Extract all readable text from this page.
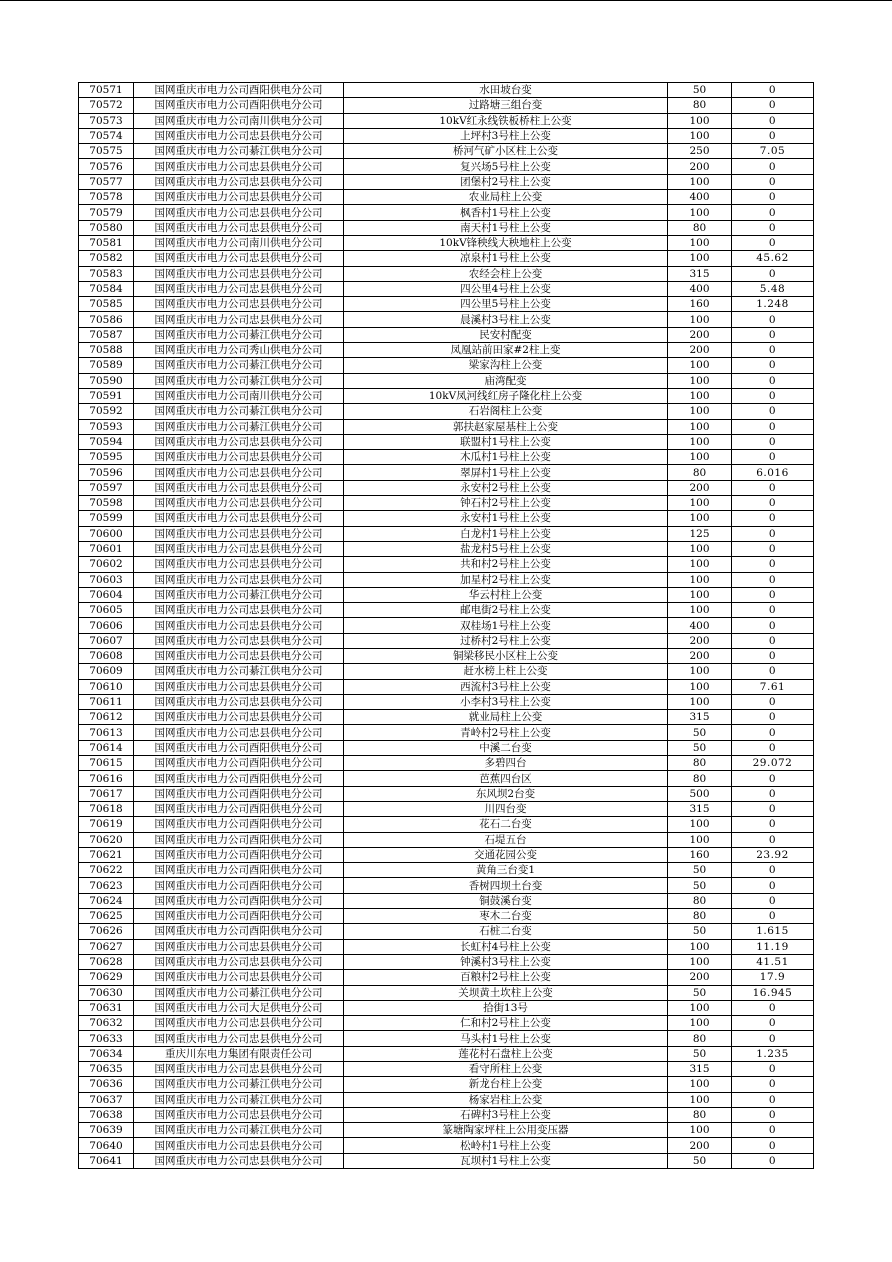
70571	国网重庆市电力公司酉阳供电分公司	水田坡台变	50	0
70572	国网重庆市电力公司酉阳供电分公司	过路塘三组台变	80	0
70573	国网重庆市电力公司南川供电分公司	10kV红永线铁板桥柱上公变	100	0
70574	国网重庆市电力公司忠县供电分公司	上坪村3号柱上公变	100	0
70575	国网重庆市电力公司綦江供电分公司	桥河气矿小区柱上公变	250	7.05
70576	国网重庆市电力公司忠县供电分公司	复兴场5号柱上公变	200	0
70577	国网重庆市电力公司忠县供电分公司	团堡村2号柱上公变	100	0
70578	国网重庆市电力公司忠县供电分公司	农业局柱上公变	400	0
70579	国网重庆市电力公司忠县供电分公司	枫香村1号柱上公变	100	0
70580	国网重庆市电力公司忠县供电分公司	南天村1号柱上公变	80	0
70581	国网重庆市电力公司南川供电分公司	10kV锋秧线大秧地柱上公变	100	0
70582	国网重庆市电力公司忠县供电分公司	凉泉村1号柱上公变	100	45.62
70583	国网重庆市电力公司忠县供电分公司	农经会柱上公变	315	0
70584	国网重庆市电力公司忠县供电分公司	四公里4号柱上公变	400	5.48
70585	国网重庆市电力公司忠县供电分公司	四公里5号柱上公变	160	1.248
70586	国网重庆市电力公司忠县供电分公司	晨溪村3号柱上公变	100	0
70587	国网重庆市电力公司綦江供电分公司	民安村配变	200	0
70588	国网重庆市电力公司秀山供电分公司	凤凰站前田家#2柱上变	200	0
70589	国网重庆市电力公司綦江供电分公司	梁家沟柱上公变	100	0
70590	国网重庆市电力公司綦江供电分公司	庙湾配变	100	0
70591	国网重庆市电力公司南川供电分公司	10kV凤河线红房子隆化柱上公变	100	0
70592	国网重庆市电力公司綦江供电分公司	石岩阁柱上公变	100	0
70593	国网重庆市电力公司綦江供电分公司	郭扶赵家屋基柱上公变	100	0
70594	国网重庆市电力公司忠县供电分公司	联盟村1号柱上公变	100	0
70595	国网重庆市电力公司忠县供电分公司	木瓜村1号柱上公变	100	0
70596	国网重庆市电力公司忠县供电分公司	翠屏村1号柱上公变	80	6.016
70597	国网重庆市电力公司忠县供电分公司	永安村2号柱上公变	200	0
70598	国网重庆市电力公司忠县供电分公司	钟石村2号柱上公变	100	0
70599	国网重庆市电力公司忠县供电分公司	永安村1号柱上公变	100	0
70600	国网重庆市电力公司忠县供电分公司	白龙村1号柱上公变	125	0
70601	国网重庆市电力公司忠县供电分公司	盐龙村5号柱上公变	100	0
70602	国网重庆市电力公司忠县供电分公司	共和村2号柱上公变	100	0
70603	国网重庆市电力公司忠县供电分公司	加星村2号柱上公变	100	0
70604	国网重庆市电力公司綦江供电分公司	华云村柱上公变	100	0
70605	国网重庆市电力公司忠县供电分公司	邮电街2号柱上公变	100	0
70606	国网重庆市电力公司忠县供电分公司	双桂场1号柱上公变	400	0
70607	国网重庆市电力公司忠县供电分公司	过桥村2号柱上公变	200	0
70608	国网重庆市电力公司忠县供电分公司	铜梁移民小区柱上公变	200	0
70609	国网重庆市电力公司綦江供电分公司	赶水榜上柱上公变	100	0
70610	国网重庆市电力公司忠县供电分公司	西流村3号柱上公变	100	7.61
70611	国网重庆市电力公司忠县供电分公司	小李村3号柱上公变	100	0
70612	国网重庆市电力公司忠县供电分公司	就业局柱上公变	315	0
70613	国网重庆市电力公司忠县供电分公司	青岭村2号柱上公变	50	0
70614	国网重庆市电力公司酉阳供电分公司	中溪二台变	50	0
70615	国网重庆市电力公司酉阳供电分公司	多碧四台	80	29.072
70616	国网重庆市电力公司酉阳供电分公司	芭蕉四台区	80	0
70617	国网重庆市电力公司酉阳供电分公司	东风坝2台变	500	0
70618	国网重庆市电力公司酉阳供电分公司	川四台变	315	0
70619	国网重庆市电力公司酉阳供电分公司	花石二台变	100	0
70620	国网重庆市电力公司酉阳供电分公司	石堤五台	100	0
70621	国网重庆市电力公司酉阳供电分公司	交通花园公变	160	23.92
70622	国网重庆市电力公司酉阳供电分公司	黄角三台变1	50	0
70623	国网重庆市电力公司酉阳供电分公司	香树四坝土台变	50	0
70624	国网重庆市电力公司酉阳供电分公司	铜鼓溪台变	80	0
70625	国网重庆市电力公司酉阳供电分公司	枣木二台变	80	0
70626	国网重庆市电力公司酉阳供电分公司	石桩二台变	50	1.615
70627	国网重庆市电力公司忠县供电分公司	长虹村4号柱上公变	100	11.19
70628	国网重庆市电力公司忠县供电分公司	钟溪村3号柱上公变	100	41.51
70629	国网重庆市电力公司忠县供电分公司	百粮村2号柱上公变	200	17.9
70630	国网重庆市电力公司綦江供电分公司	关坝黄土坎柱上公变	50	16.945
70631	国网重庆市电力公司大足供电分公司	拾街13号	100	0
70632	国网重庆市电力公司忠县供电分公司	仁和村2号柱上公变	100	0
70633	国网重庆市电力公司忠县供电分公司	马头村1号柱上公变	80	0
70634	重庆川东电力集团有限责任公司	莲花村石盘柱上公变	50	1.235
70635	国网重庆市电力公司忠县供电分公司	看守所柱上公变	315	0
70636	国网重庆市电力公司綦江供电分公司	新龙台柱上公变	100	0
70637	国网重庆市电力公司綦江供电分公司	杨家岩柱上公变	100	0
70638	国网重庆市电力公司忠县供电分公司	石碑村3号柱上公变	80	0
70639	国网重庆市电力公司綦江供电分公司	篆塘陶家坪柱上公用变压器	100	0
70640	国网重庆市电力公司忠县供电分公司	松岭村1号柱上公变	200	0
70641	国网重庆市电力公司忠县供电分公司	瓦坝村1号柱上公变	50	0
